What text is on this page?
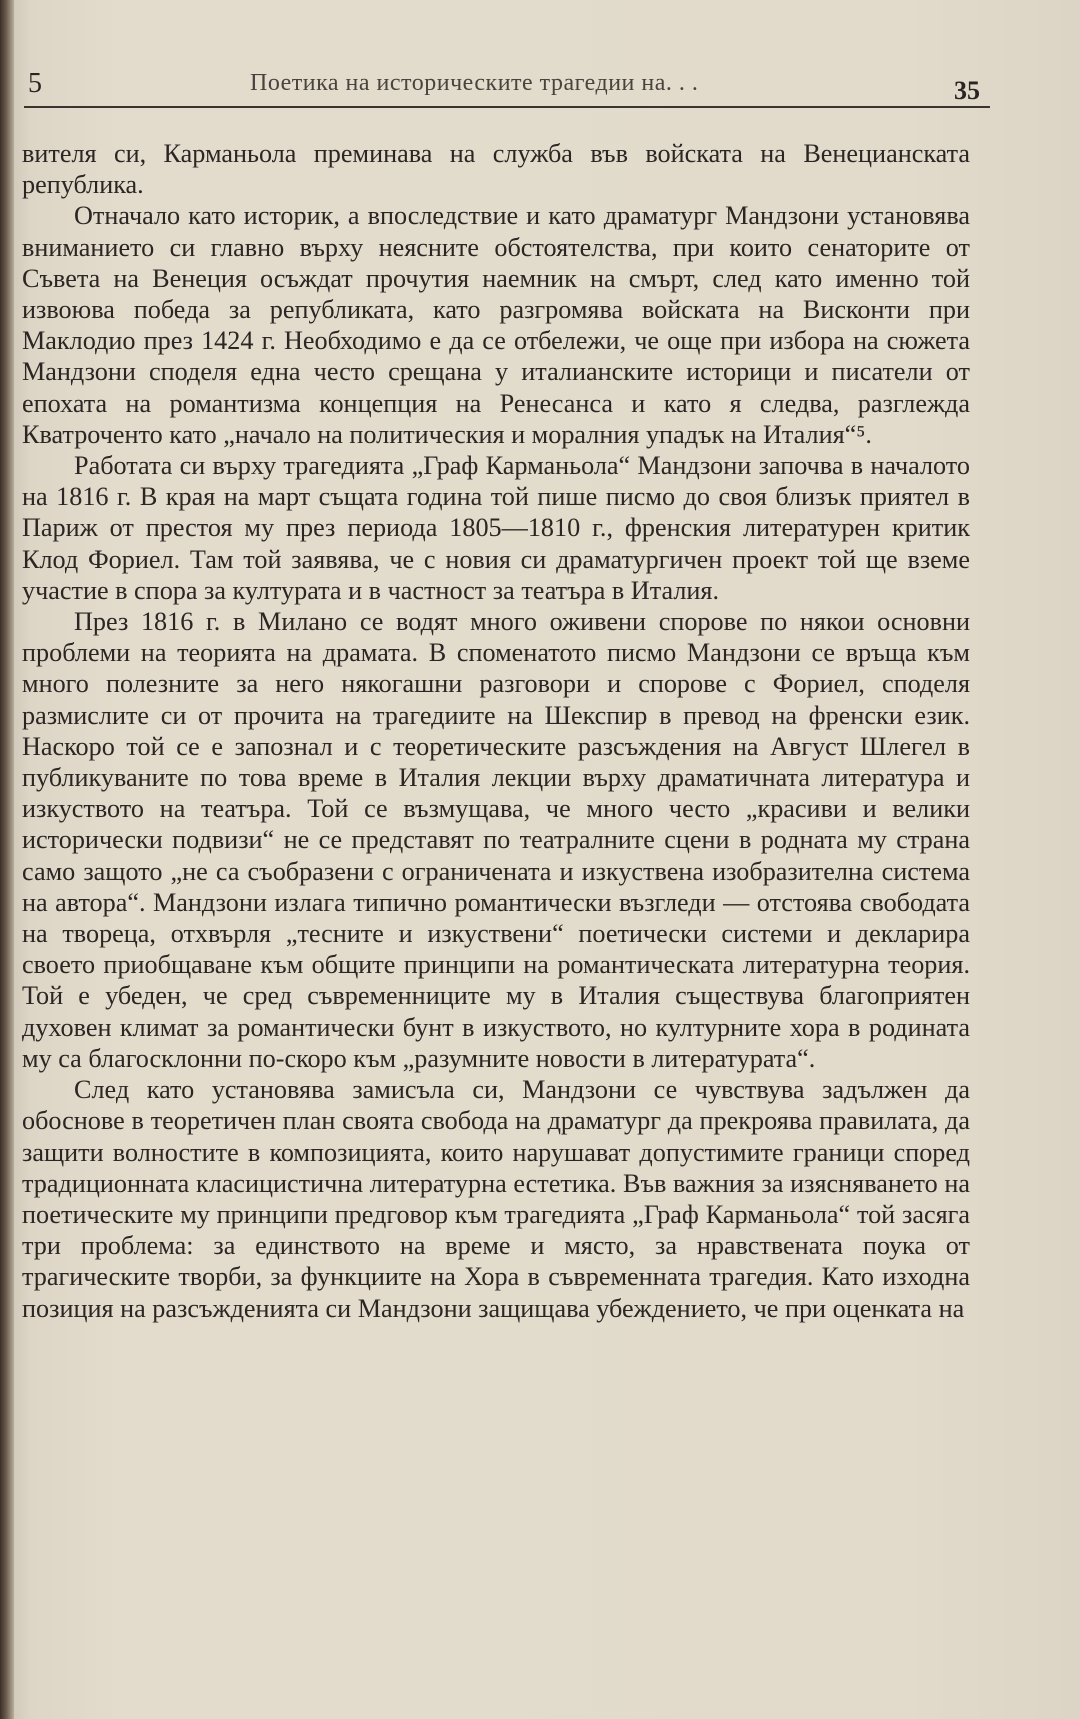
5	Поетика на историческите трагедии на. . .	35

вителя си, Карманьола преминава на служба във войската на Венецианската република.

Отначало като историк, а впоследствие и като драматург Мандзони установява вниманието си главно върху неясните обстоятелства, при които сенаторите от Съвета на Венеция осъждат прочутия наемник на смърт, след като именно той извоюва победа за републиката, като разгромява войската на Висконти при Маклодио през 1424 г. Необходимо е да се отбележи, че още при избора на сюжета Мандзони споделя една често срещана у италианските историци и писатели от епохата на романтизма концепция на Ренесанса и като я следва, разглежда Кватроченто като „начало на политическия и моралния упадък на Италия“⁵.

Работата си върху трагедията „Граф Карманьола“ Мандзони започва в началото на 1816 г. В края на март същата година той пише писмо до своя близък приятел в Париж от престоя му през периода 1805—1810 г., френския литературен критик Клод Фориел. Там той заявява, че с новия си драматургичен проект той ще вземе участие в спора за културата и в частност за театъра в Италия.

През 1816 г. в Милано се водят много оживени спорове по някои основни проблеми на теорията на драмата. В споменатото писмо Мандзони се връща към много полезните за него някогашни разговори и спорове с Фориел, споделя размислите си от прочита на трагедиите на Шекспир в превод на френски език. Наскоро той се е запознал и с теоретическите разсъждения на Август Шлегел в публикуваните по това време в Италия лекции върху драматичната литература и изкуството на театъра. Той се възмущава, че много често „красиви и велики исторически подвизи“ не се представят по театралните сцени в родната му страна само защото „не са съобразени с ограничената и изкуствена изобразителна система на автора“. Мандзони излага типично романтически възгледи — отстоява свободата на твореца, отхвърля „тесните и изкуствени“ поетически системи и декларира своето приобщаване към общите принципи на романтическата литературна теория. Той е убеден, че сред съвременниците му в Италия съществува благоприятен духовен климат за романтически бунт в изкуството, но културните хора в родината му са благосклонни по-скоро към „разумните новости в литературата“.

След като установява замисъла си, Мандзони се чувствува задължен да обоснове в теоретичен план своята свобода на драматург да прекроява правилата, да защити волностите в композицията, които нарушават допустимите граници според традиционната класицистична литературна естетика. Във важния за изясняването на поетическите му принципи предговор към трагедията „Граф Карманьола“ той засяга три проблема: за единството на време и място, за нравствената поука от трагическите творби, за функциите на Хора в съвременната трагедия. Като изходна позиция на разсъжденията си Мандзони защищава убеждението, че при оценката на
